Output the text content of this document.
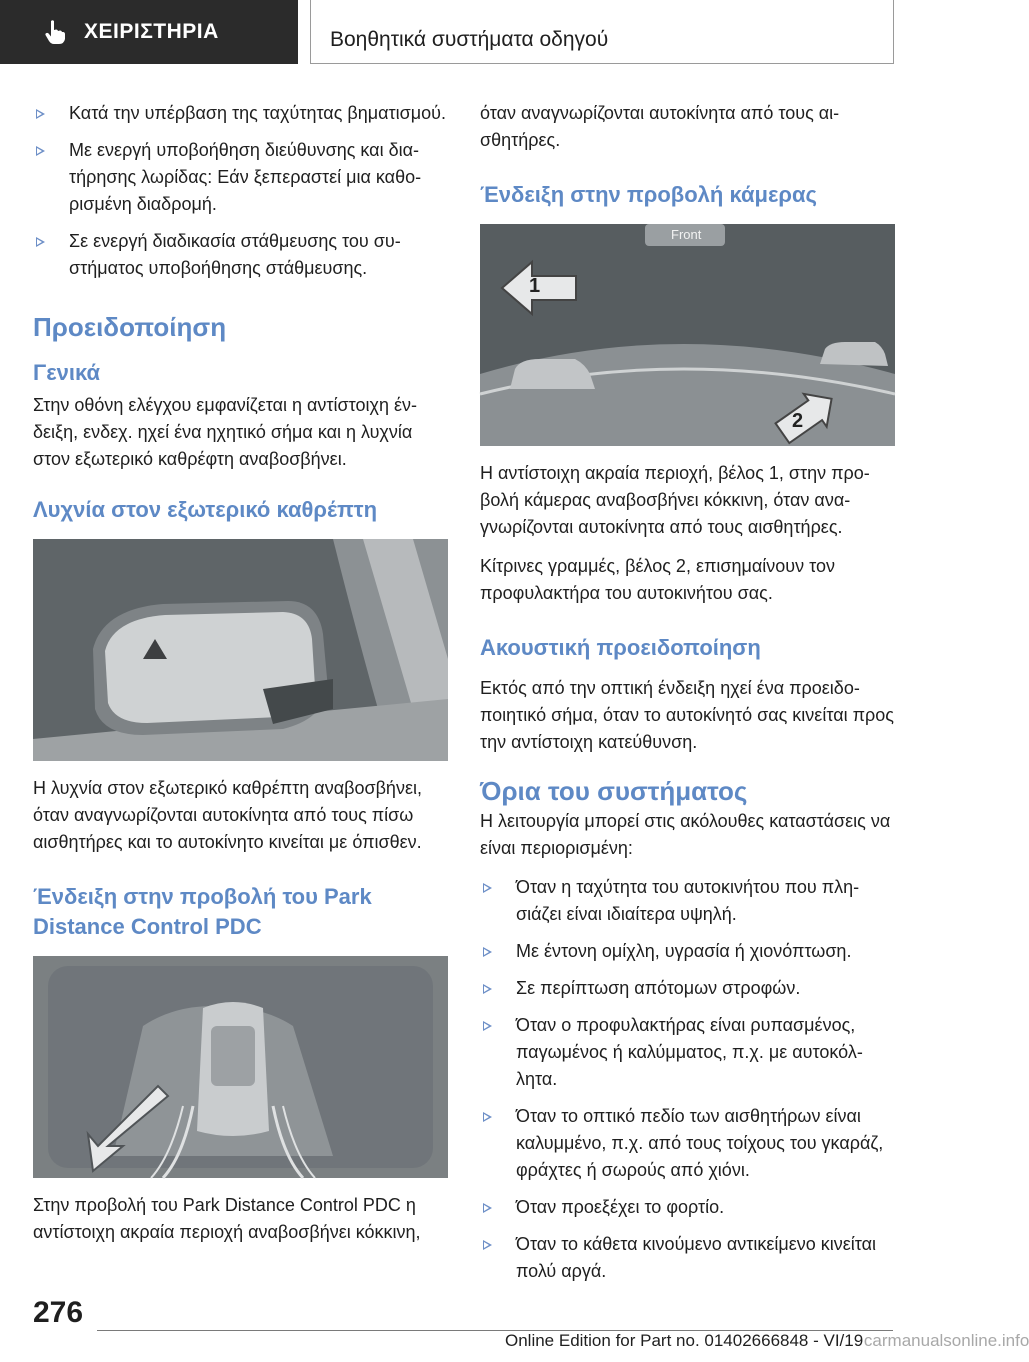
ΧΕΙΡΙΣΤΗΡΙΑ	Βοηθητικά συστήματα οδηγού
Κατά την υπέρβαση της ταχύτητας βηματισμού.
Με ενεργή υποβοήθηση διεύθυνσης και διατήρησης λωρίδας: Εάν ξεπεραστεί μια καθορισμένη διαδρομή.
Σε ενεργή διαδικασία στάθμευσης του συστήματος υποβοήθησης στάθμευσης.
Προειδοποίηση
Γενικά
Στην οθόνη ελέγχου εμφανίζεται η αντίστοιχη ένδειξη, ενδεχ. ηχεί ένα ηχητικό σήμα και η λυχνία στον εξωτερικό καθρέφτη αναβοσβήνει.
Λυχνία στον εξωτερικό καθρέπτη
Η λυχνία στον εξωτερικό καθρέπτη αναβοσβήνει, όταν αναγνωρίζονται αυτοκίνητα από τους πίσω αισθητήρες και το αυτοκίνητο κινείται με όπισθεν.
Ένδειξη στην προβολή του Park Distance Control PDC
Στην προβολή του Park Distance Control PDC η αντίστοιχη ακραία περιοχή αναβοσβήνει κόκκινη,
όταν αναγνωρίζονται αυτοκίνητα από τους αισθητήρες.
Ένδειξη στην προβολή κάμερας
Front
1
2
Η αντίστοιχη ακραία περιοχή, βέλος 1, στην προβολή κάμερας αναβοσβήνει κόκκινη, όταν αναγνωρίζονται αυτοκίνητα από τους αισθητήρες.
Κίτρινες γραμμές, βέλος 2, επισημαίνουν τον προφυλακτήρα του αυτοκινήτου σας.
Ακουστική προειδοποίηση
Εκτός από την οπτική ένδειξη ηχεί ένα προειδοποιητικό σήμα, όταν το αυτοκίνητό σας κινείται προς την αντίστοιχη κατεύθυνση.
Όρια του συστήματος
Η λειτουργία μπορεί στις ακόλουθες καταστάσεις να είναι περιορισμένη:
Όταν η ταχύτητα του αυτοκινήτου που πλησιάζει είναι ιδιαίτερα υψηλή.
Με έντονη ομίχλη, υγρασία ή χιονόπτωση.
Σε περίπτωση απότομων στροφών.
Όταν ο προφυλακτήρας είναι ρυπασμένος, παγωμένος ή καλύμματος, π.χ. με αυτοκόλλητα.
Όταν το οπτικό πεδίο των αισθητήρων είναι καλυμμένο, π.χ. από τους τοίχους του γκαράζ, φράχτες ή σωρούς από χιόνι.
Όταν προεξέχει το φορτίο.
Όταν το κάθετα κινούμενο αντικείμενο κινείται πολύ αργά.
276
Online Edition for Part no. 01402666848 - VI/19 carmanualsonline.info
